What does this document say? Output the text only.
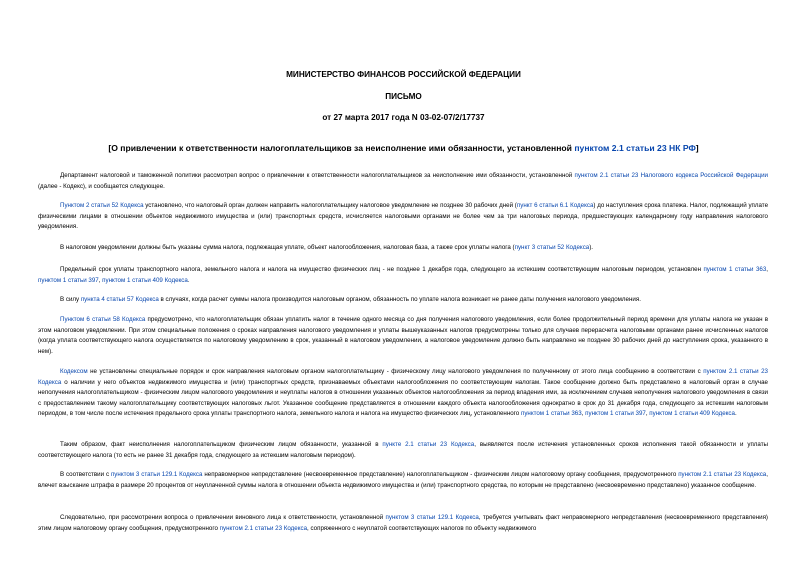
МИНИСТЕРСТВО ФИНАНСОВ РОССИЙСКОЙ ФЕДЕРАЦИИ
ПИСЬМО
от 27 марта 2017 года N 03-02-07/2/17737
[О привлечении к ответственности налогоплательщиков за неисполнение ими обязанности, установленной пунктом 2.1 статьи 23 НК РФ]
Департамент налоговой и таможенной политики рассмотрел вопрос о привлечении к ответственности налогоплательщиков за неисполнение ими обязанности, установленной пунктом 2.1 статьи 23 Налогового кодекса Российской Федерации (далее - Кодекс), и сообщается следующее.
Пунктом 2 статьи 52 Кодекса установлено, что налоговый орган должен направить налогоплательщику налоговое уведомление не позднее 30 рабочих дней (пункт 6 статьи 6.1 Кодекса) до наступления срока платежа. Налог, подлежащий уплате физическими лицами в отношении объектов недвижимого имущества и (или) транспортных средств, исчисляется налоговыми органами не более чем за три налоговых периода, предшествующих календарному году направления налогового уведомления.
В налоговом уведомлении должны быть указаны сумма налога, подлежащая уплате, объект налогообложения, налоговая база, а также срок уплаты налога (пункт 3 статьи 52 Кодекса).
Предельный срок уплаты транспортного налога, земельного налога и налога на имущество физических лиц - не позднее 1 декабря года, следующего за истекшим соответствующим налоговым периодом, установлен пунктом 1 статьи 363, пунктом 1 статьи 397, пунктом 1 статьи 409 Кодекса.
В силу пункта 4 статьи 57 Кодекса в случаях, когда расчет суммы налога производится налоговым органом, обязанность по уплате налога возникает не ранее даты получения налогового уведомления.
Пунктом 6 статьи 58 Кодекса предусмотрено, что налогоплательщик обязан уплатить налог в течение одного месяца со дня получения налогового уведомления, если более продолжительный период времени для уплаты налога не указан в этом налоговом уведомлении. При этом специальные положения о сроках направления налогового уведомления и уплаты вышеуказанных налогов предусмотрены только для случаев перерасчета налоговыми органами ранее исчисленных налогов (когда уплата соответствующего налога осуществляется по налоговому уведомлению в срок, указанный в налоговом уведомлении, а налоговое уведомление должно быть направлено не позднее 30 рабочих дней до наступления срока, указанного в нем).
Кодексом не установлены специальные порядок и срок направления налоговым органом налогоплательщику - физическому лицу налогового уведомления по полученному от этого лица сообщению в соответствии с пунктом 2.1 статьи 23 Кодекса о наличии у него объектов недвижимого имущества и (или) транспортных средств, признаваемых объектами налогообложения по соответствующим налогам. Такое сообщение должно быть представлено в налоговый орган в случае неполучения налогоплательщиком - физическим лицом налогового уведомления и неуплаты налогов в отношении указанных объектов налогообложения за период владения ими, за исключением случаев неполучения налогового уведомления в связи с предоставлением такому налогоплательщику соответствующих налоговых льгот. Указанное сообщение представляется в отношении каждого объекта налогообложения однократно в срок до 31 декабря года, следующего за истекшим налоговым периодом, в том числе после истечения предельного срока уплаты транспортного налога, земельного налога и налога на имущество физических лиц, установленного пунктом 1 статьи 363, пунктом 1 статьи 397, пунктом 1 статьи 409 Кодекса.
Таким образом, факт неисполнения налогоплательщиком физическим лицом обязанности, указанной в пункте 2.1 статьи 23 Кодекса, выявляется после истечения установленных сроков исполнения такой обязанности и уплаты соответствующего налога (то есть не ранее 31 декабря года, следующего за истекшим налоговым периодом).
В соответствии с пунктом 3 статьи 129.1 Кодекса неправомерное непредставление (несвоевременное представление) налогоплательщиком - физическим лицом налоговому органу сообщения, предусмотренного пунктом 2.1 статьи 23 Кодекса, влечет взыскание штрафа в размере 20 процентов от неуплаченной суммы налога в отношении объекта недвижимого имущества и (или) транспортного средства, по которым не представлено (несвоевременно представлено) указанное сообщение.
Следовательно, при рассмотрении вопроса о привлечении виновного лица к ответственности, установленной пунктом 3 статьи 129.1 Кодекса, требуется учитывать факт неправомерного непредставления (несвоевременного представления) этим лицом налоговому органу сообщения, предусмотренного пунктом 2.1 статьи 23 Кодекса, сопряженного с неуплатой соответствующих налогов по объекту недвижимого
